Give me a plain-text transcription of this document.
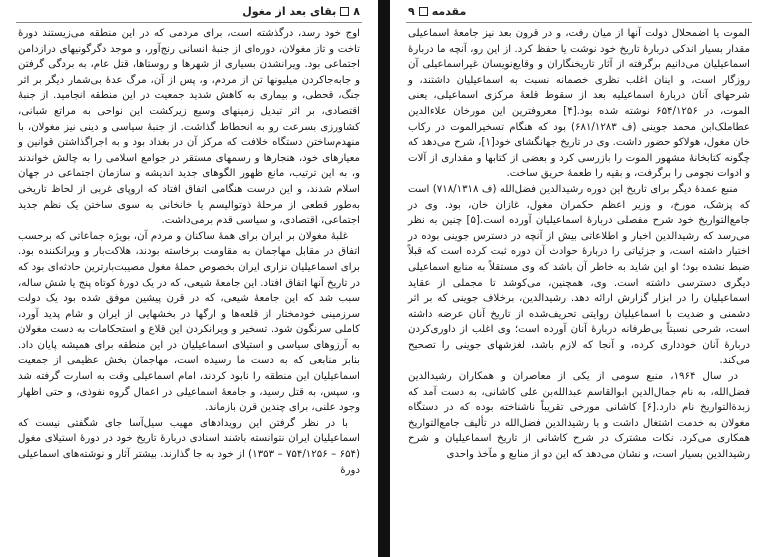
۸
بقای بعد از مغول

اوج خود رسد، درگذشته است، برای مردمی که در این منطقه می‌زیستند دورهٔ تاخت و تاز مغولان، دوره‌ای از جنبهٔ انسانی رنج‌آور، و موجد دگرگونیهای درازدامن اجتماعی بود. ویرانشدن بسیاری از شهرها و روستاها، قتل عام، به بردگی گرفتن و جابه‌جاکردن میلیونها تن از مردم، و، پس از آن، مرگ عدهٔ بی‌شمار دیگر بر اثر جنگ، قحطی، و بیماری به کاهش شدید جمعیت در این منطقه انجامید. از جنبهٔ اقتصادی، بر اثر تبدیل زمینهای وسیع زیرکشت این نواحی به مراتع شبانی، کشاورزی بسرعت رو به انحطاط گذاشت. از جنبهٔ سیاسی و دینی نیز مغولان، با منهدم‌ساختن دستگاه خلافت که مرکز آن در بغداد بود و به اجراگذاشتن قوانین و معیارهای خود، هنجارها و رسمهای مستقر در جوامع اسلامی را به چالش خواندند و، به این ترتیب، مانع ظهور الگوهای جدید اندیشه و سازمان اجتماعی در جهان اسلام شدند، و این درست هنگامی اتفاق افتاد که اروپای غربی از لحاظ تاریخی به‌طور قطعی از مرحلهٔ ذوتوالیسم یا خانخانی به سوی ساختن یک نظم جدید اجتماعی، اقتصادی، و سیاسی قدم برمی‌داشت.

غلبهٔ مغولان بر ایران برای همهٔ ساکنان و مردم آن، بویژه جماعاتی که برحسب اتفاق در مقابل مهاجمان به مقاومت برخاسته بودند، هلاکت‌بار و ویرانکننده بود. برای اسماعیلیان نزاری ایران بخصوص حملهٔ مغول مصیبت‌بارترین حادثه‌ای بود که در تاریخ آنها اتفاق افتاد. این جامعهٔ شیعی، که در یک دورهٔ کوتاه پنج یا شش ساله، سبب شد که این جامعهٔ شیعی، که در قرن پیشین موفق شده بود یک دولت سرزمینی خودمختار از قلعه‌ها و ارگها در بخشهایی از ایران و شام پدید آورد، کاملی سرنگون شود. تسخیر و ویرانکردن این قلاع و استحکامات به دست مغولان به آرزوهای سیاسی و استیلای اسماعیلیان در این منطقه برای همیشه پایان داد. بنابر منابعی که به دست ما رسیده است، مهاجمان بخش عظیمی از جمعیت اسماعیلیان این منطقه را نابود کردند، امام اسماعیلی وقت به اسارت گرفته شد و، سپس، به قتل رسید، و جامعهٔ اسماعیلی در اعمال گروه نفوذی، و حتی اظهار وجود علنی، برای چندین قرن بازماند.

با در نظر گرفتن این رویدادهای مهیب سیل‌آسا جای شگفتی نیست که اسماعیلیان ایران نتوانسته باشند اسنادی دربارهٔ تاریخ خود در دورهٔ استیلای مغول (۶۵۴ – ۷۵۴/۱۲۵۶ – ۱۳۵۳) از خود به جا گذارند. بیشتر آثار و نوشته‌های اسماعیلی دورهٔ

مقدمه
۹

الموت یا اضمحلال دولت آنها از میان رفت، و در قرون بعد نیز جامعهٔ اسماعیلی مقدار بسیار اندکی دربارهٔ تاریخ خود نوشت یا حفظ کرد. از این رو، آنچه ما دربارهٔ اسماعیلیان می‌دانیم برگرفته از آثار تاریخنگاران و وقایع‌نویسان غیراسماعیلی آن روزگار است، و اینان اغلب نظری خصمانه نسبت به اسماعیلیان داشتند، و شرحهای آنان دربارهٔ اسماعیلیه بعد از سقوط قلعهٔ مرکزی اسماعیلی، یعنی الموت، در ۶۵۴/۱۲۵۶ نوشته شده بود.[۴] معروفترین این مورخان علاءالدین عطاملک‌ابن محمد جوینی (ف ۶۸۱/۱۲۸۳) بود که هنگام تسخیرالموت در رکاب خان مغول، هولاکو حضور داشت. وی در تاریخ جهانگشای خود[۱]، شرح می‌دهد که چگونه کتابخانهٔ مشهور الموت را بازرسی کرد و بعضی از کتابها و مقداری از آلات و ادوات نجومی را برگرفت، و بقیه را طعمهٔ حریق ساخت.

منبع عمدهٔ دیگر برای تاریخ این دوره رشیدالدین فضل‌الله (ف ۷۱۸/۱۳۱۸) است که پزشک، مورخ، و وزیر اعظم حکمران مغول، غازان خان، بود. وی در جامع‌التواریخ خود شرح مفصلی دربارهٔ اسماعیلیان آورده است.[۵] چنین به نظر می‌رسد که رشیدالدین اخبار و اطلاعاتی بیش از آنچه در دسترس جوینی بوده در اختیار داشته است، و جزئیاتی را دربارهٔ حوادث آن دوره ثبت کرده است که قبلاً ضبط نشده بود؛ او این شاید به خاطر آن باشد که وی مستقلاً به منابع اسماعیلی دیگری دسترسی داشته است. وی، همچنین، می‌کوشد تا مجملی از عقاید اسماعیلیان را در ابزار گزارش ارائه دهد. رشیدالدین، برخلاف جوینی که بر اثر دشمنی و ضدیت با اسماعیلیان روایتی تحریف‌شده از تاریخ آنان عرضه داشته است، شرحی نسبتاً بی‌طرفانه دربارهٔ آنان آورده است؛ وی اغلب از داوری‌کردن دربارهٔ آنان خودداری کرده، و آنجا که لازم باشد، لغزشهای جوینی را تصحیح می‌کند.

در سال ۱۹۶۴، منبع سومی از یکی از معاصران و همکاران رشیدالدین فضل‌الله، به نام جمال‌الدین ابوالقاسم عبدالله‌بن علی کاشانی، به دست آمد که زبدةالتواریخ نام دارد.[۶] کاشانی مورخی تقریباً ناشناخته بوده که در دستگاه مغولان به خدمت اشتغال داشت و با رشیدالدین فضل‌الله در تألیف جامع‌التواریخ همکاری می‌کرد. نکات مشترک در شرح کاشانی از تاریخ اسماعیلیان و شرح رشیدالدین بسیار است، و نشان می‌دهد که این دو از منابع و مآخذ واحدی
